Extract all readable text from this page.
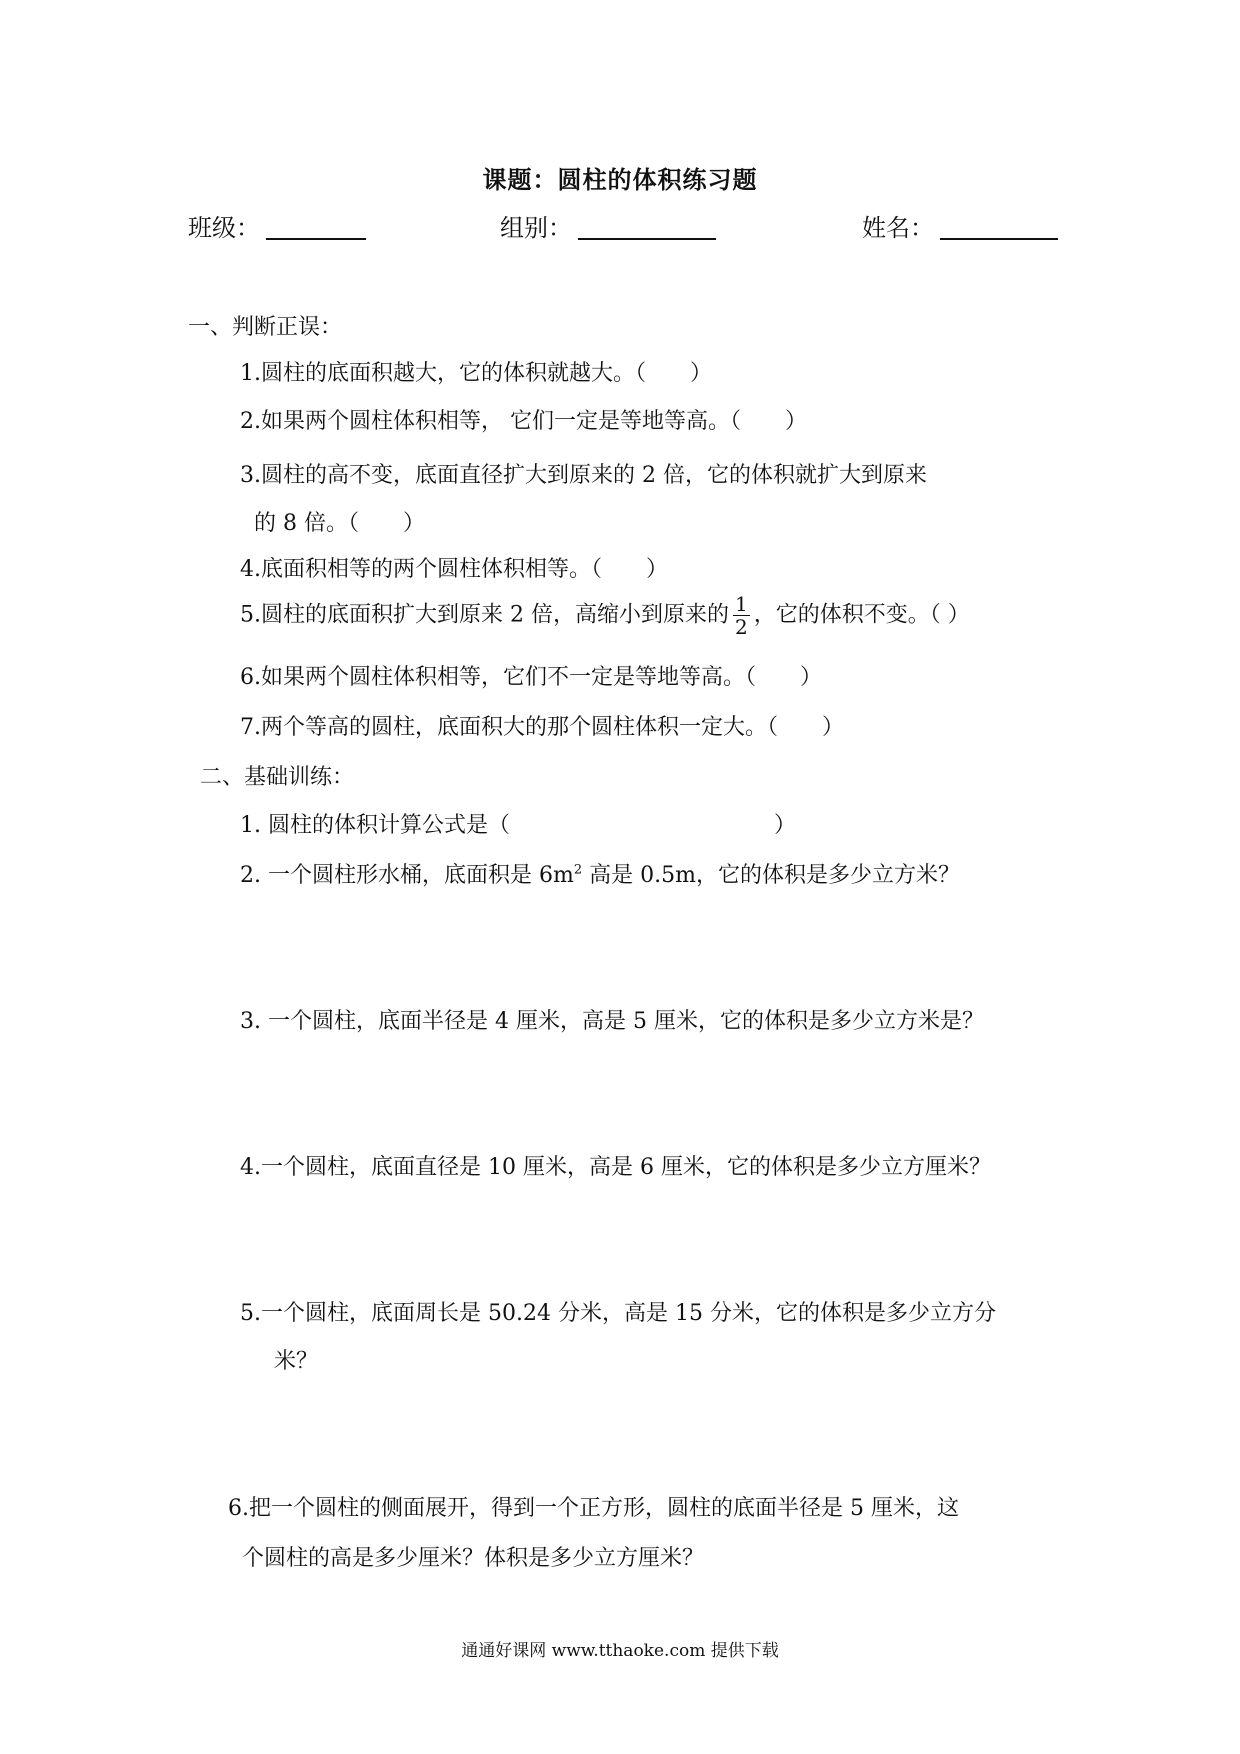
课题：圆柱的体积练习题
班级：	组别：	姓名：
一、判断正误：
1.圆柱的底面积越大，它的体积就越大。（　　）
2.如果两个圆柱体积相等， 它们一定是等地等高。（　　）
3.圆柱的高不变，底面直径扩大到原来的 2 倍，它的体积就扩大到原来
的 8 倍。（　　）
4.底面积相等的两个圆柱体积相等。（　　）
5.圆柱的底面积扩大到原来 2 倍，高缩小到原来的 $\frac{1}{2}$ ，它的体积不变。（ ）
6.如果两个圆柱体积相等，它们不一定是等地等高。（　　）
7.两个等高的圆柱，底面积大的那个圆柱体积一定大。（　　）
二、基础训练：
1. 圆柱的体积计算公式是（　　　　　　　　　　　　）
2. 一个圆柱形水桶，底面积是 $6m^2$ 高是 0.5m，它的体积是多少立方米？
3. 一个圆柱，底面半径是 4 厘米，高是 5 厘米，它的体积是多少立方米是？
4.一个圆柱，底面直径是 10 厘米，高是 6 厘米，它的体积是多少立方厘米？
5.一个圆柱，底面周长是 50.24 分米，高是 15 分米，它的体积是多少立方分
米？
6.把一个圆柱的侧面展开，得到一个正方形，圆柱的底面半径是 5 厘米，这
个圆柱的高是多少厘米？体积是多少立方厘米？
通通好课网 www.tthaoke.com 提供下载
